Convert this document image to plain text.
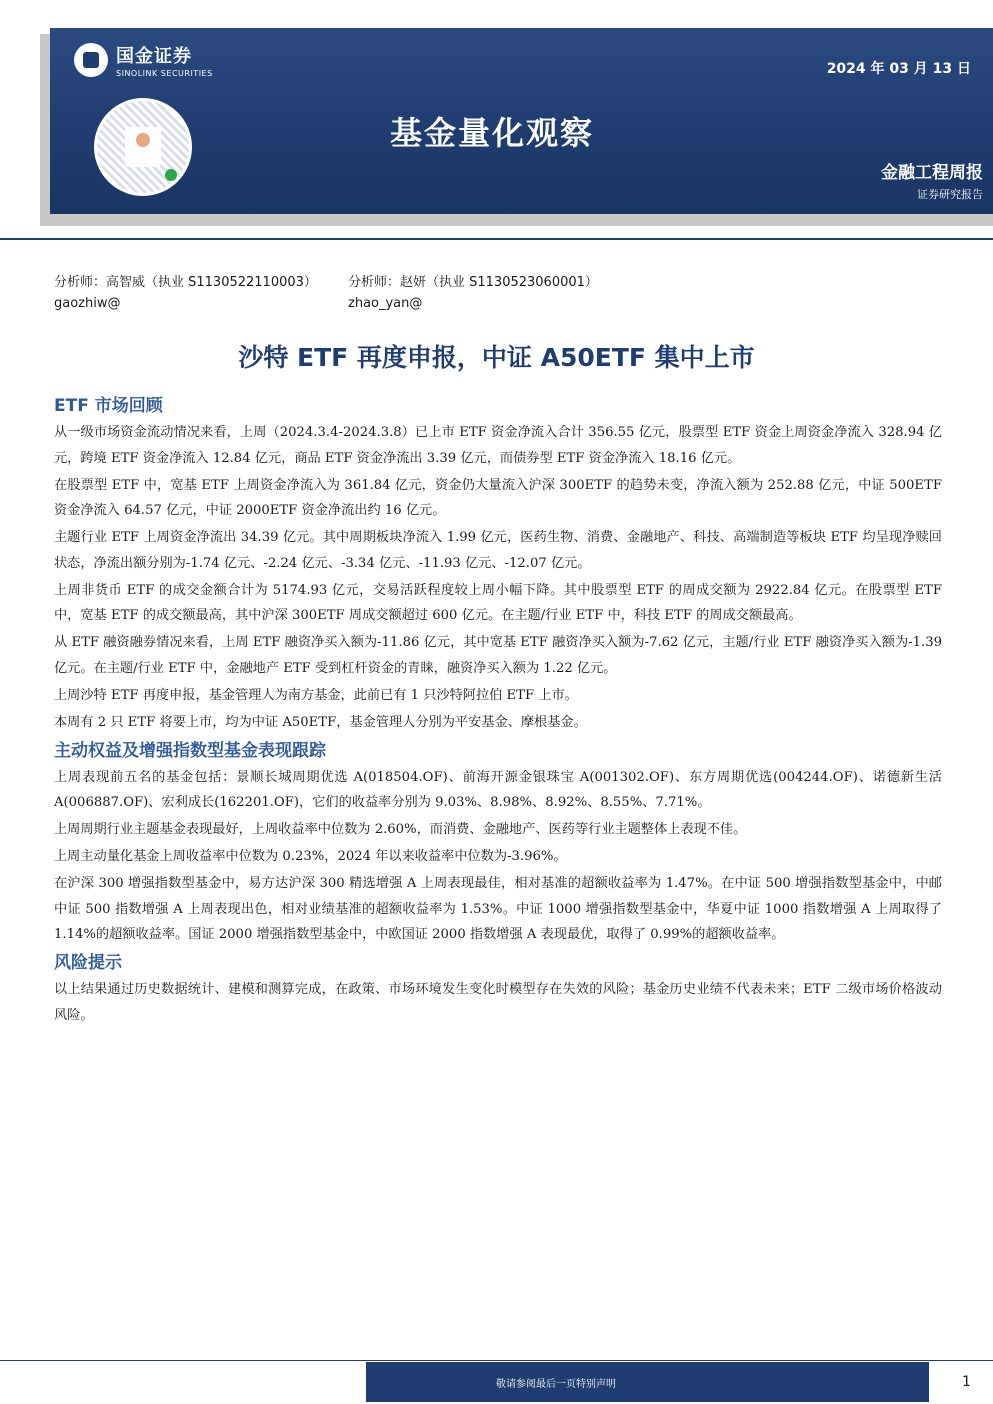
国金证券
SINOLINK SECURITIES
基金量化观察
2024 年 03 月 13 日
金融工程周报
证券研究报告
分析师：高智威（执业 S1130522110003）
gaozhiw@
分析师：赵妍（执业 S1130523060001）
zhao_yan@
沙特 ETF 再度申报，中证 A50ETF 集中上市
ETF 市场回顾

从一级市场资金流动情况来看，上周（2024.3.4-2024.3.8）已上市 ETF 资金净流入合计 356.55 亿元，股票型 ETF 资金上周资金净流入 328.94 亿元，跨境 ETF 资金净流入 12.84 亿元，商品 ETF 资金净流出 3.39 亿元，而债券型 ETF 资金净流入 18.16 亿元。

在股票型 ETF 中，宽基 ETF 上周资金净流入为 361.84 亿元，资金仍大量流入沪深 300ETF 的趋势未变，净流入额为 252.88 亿元，中证 500ETF 资金净流入 64.57 亿元，中证 2000ETF 资金净流出约 16 亿元。

主题行业 ETF 上周资金净流出 34.39 亿元。其中周期板块净流入 1.99 亿元，医药生物、消费、金融地产、科技、高端制造等板块 ETF 均呈现净赎回状态，净流出额分别为-1.74 亿元、-2.24 亿元、-3.34 亿元、-11.93 亿元、-12.07 亿元。

上周非货币 ETF 的成交金额合计为 5174.93 亿元，交易活跃程度较上周小幅下降。其中股票型 ETF 的周成交额为 2922.84 亿元。在股票型 ETF 中，宽基 ETF 的成交额最高，其中沪深 300ETF 周成交额超过 600 亿元。在主题/行业 ETF 中，科技 ETF 的周成交额最高。

从 ETF 融资融券情况来看，上周 ETF 融资净买入额为-11.86 亿元，其中宽基 ETF 融资净买入额为-7.62 亿元，主题/行业 ETF 融资净买入额为-1.39 亿元。在主题/行业 ETF 中，金融地产 ETF 受到杠杆资金的青睐，融资净买入额为 1.22 亿元。

上周沙特 ETF 再度申报，基金管理人为南方基金，此前已有 1 只沙特阿拉伯 ETF 上市。

本周有 2 只 ETF 将要上市，均为中证 A50ETF，基金管理人分别为平安基金、摩根基金。

主动权益及增强指数型基金表现跟踪

上周表现前五名的基金包括：景顺长城周期优选 A(018504.OF)、前海开源金银珠宝 A(001302.OF)、东方周期优选(004244.OF)、诺德新生活 A(006887.OF)、宏利成长(162201.OF)，它们的收益率分别为 9.03%、8.98%、8.92%、8.55%、7.71%。

上周周期行业主题基金表现最好，上周收益率中位数为 2.60%，而消费、金融地产、医药等行业主题整体上表现不佳。

上周主动量化基金上周收益率中位数为 0.23%，2024 年以来收益率中位数为-3.96%。

在沪深 300 增强指数型基金中，易方达沪深 300 精选增强 A 上周表现最佳，相对基准的超额收益率为 1.47%。在中证 500 增强指数型基金中，中邮中证 500 指数增强 A 上周表现出色，相对业绩基准的超额收益率为 1.53%。中证 1000 增强指数型基金中，华夏中证 1000 指数增强 A 上周取得了 1.14%的超额收益率。国证 2000 增强指数型基金中，中欧国证 2000 指数增强 A 表现最优，取得了 0.99%的超额收益率。

风险提示

以上结果通过历史数据统计、建模和测算完成，在政策、市场环境发生变化时模型存在失效的风险；基金历史业绩不代表未来；ETF 二级市场价格波动风险。

敬请参阅最后一页特别声明	1
